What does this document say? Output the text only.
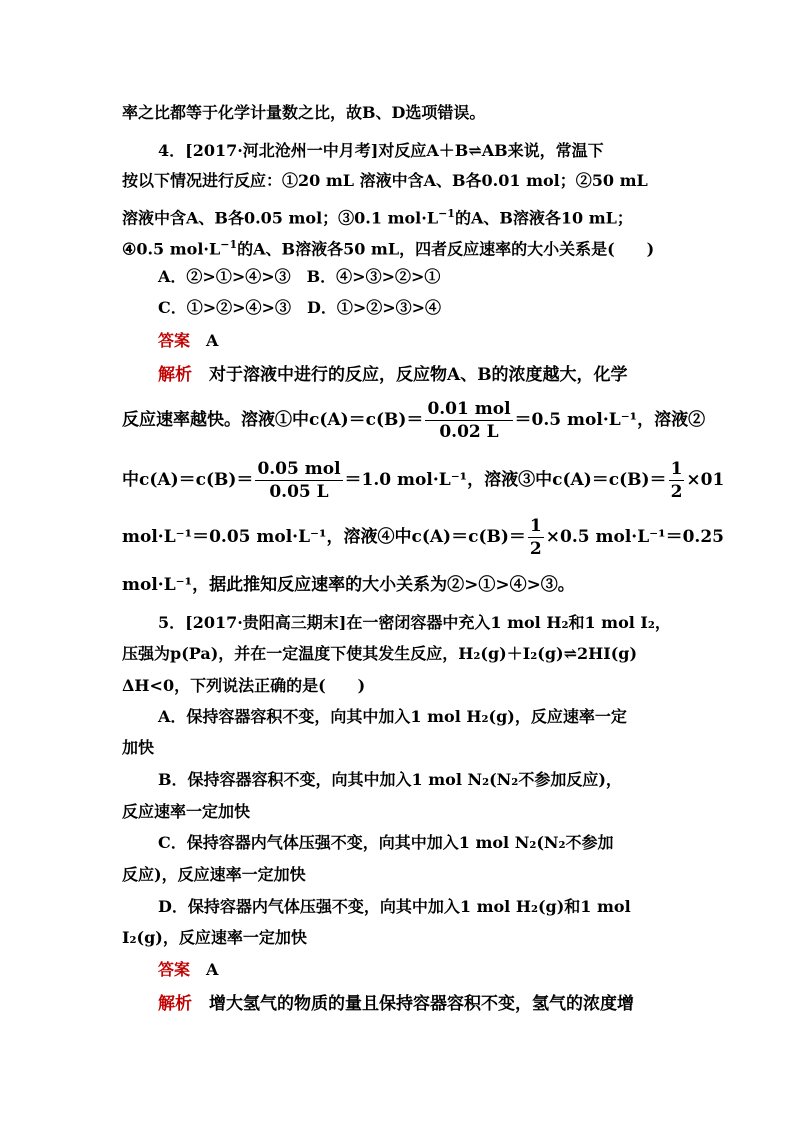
率之比都等于化学计量数之比，故B、D选项错误。
4．[2017·河北沧州一中月考]对反应A＋B⇌AB来说，常温下
按以下情况进行反应：①20 mL 溶液中含A、B各0.01 mol；②50 mL
溶液中含A、B各0.05 mol；③0.1 $mol\cdot L^{-1}$的A、B溶液各10 mL；
④0.5 $mol\cdot L^{-1}$的A、B溶液各50 mL，四者反应速率的大小关系是(　　)
A．②>①>④>③　B．④>③>②>①
C．①>②>④>③　D．①>②>③>④
答案　 A
解析　 对于溶液中进行的反应，反应物A、B的浓度越大，化学
反应速率越快。溶液①中$c(A)=c(B)= \frac{\text{0.01 mol}}{0.02 L} =0.5$ mol·L⁻¹，溶液②
中$c(A)=c(B)= \frac{\text{0.05 mol}}{0.05 L} =1.0$ mol·L⁻¹，溶液③中$c(A)=c(B)= \frac{1}{2} \times 01$
mol·L⁻¹＝0.05 mol·L⁻¹，溶液④中$c(A)=c(B)= \frac{1}{2} \times 0.5$ mol·L⁻¹＝0.25
mol·L⁻¹，据此推知反应速率的大小关系为②>①>④>③。
5．[2017·贵阳高三期末]在一密闭容器中充入1 mol H₂和1 mol I₂，
压强为p(Pa)，并在一定温度下使其发生反应，H₂(g)＋I₂(g)⇌2HI(g)
ΔH<0，下列说法正确的是(　　)
A．保持容器容积不变，向其中加入1 mol H₂(g)，反应速率一定
加快
B．保持容器容积不变，向其中加入1 mol N₂(N₂不参加反应)，
反应速率一定加快
C．保持容器内气体压强不变，向其中加入1 mol N₂(N₂不参加
反应)，反应速率一定加快
D．保持容器内气体压强不变，向其中加入1 mol H₂(g)和1 mol
I₂(g)，反应速率一定加快
答案　 A
解析　 增大氢气的物质的量且保持容器容积不变，氢气的浓度增
